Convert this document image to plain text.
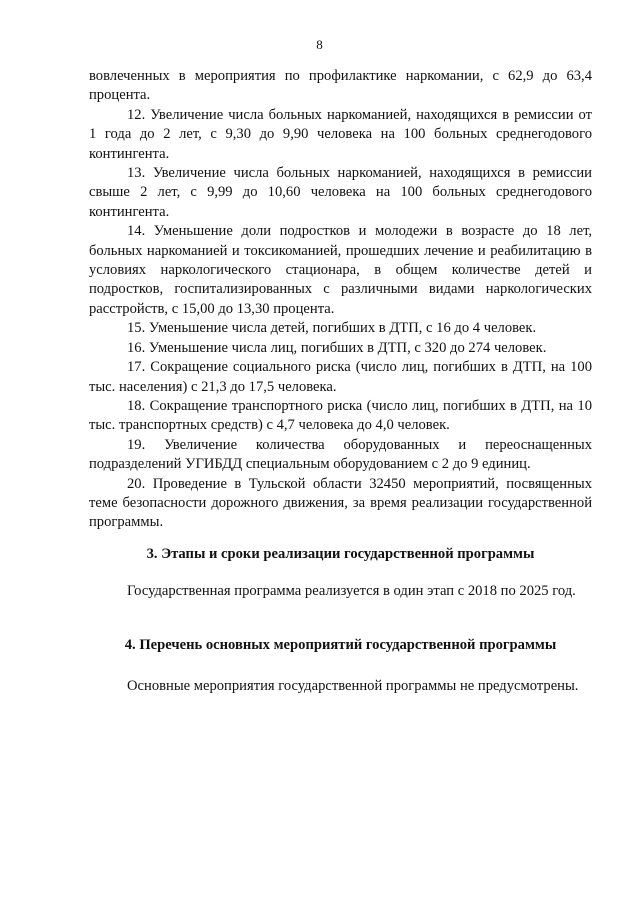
8

вовлеченных в мероприятия по профилактике наркомании, с 62,9 до 63,4 процента.

12. Увеличение числа больных наркоманией, находящихся в ремиссии от 1 года до 2 лет, с 9,30 до 9,90 человека на 100 больных среднегодового контингента.

13. Увеличение числа больных наркоманией, находящихся в ремиссии свыше 2 лет, с 9,99 до 10,60 человека на 100 больных среднегодового контингента.

14. Уменьшение доли подростков и молодежи в возрасте до 18 лет, больных наркоманией и токсикоманией, прошедших лечение и реабилитацию в условиях наркологического стационара, в общем количестве детей и подростков, госпитализированных с различными видами наркологических расстройств, с 15,00 до 13,30 процента.

15. Уменьшение числа детей, погибших в ДТП, с 16 до 4 человек.

16. Уменьшение числа лиц, погибших в ДТП, с 320 до 274 человек.

17. Сокращение социального риска (число лиц, погибших в ДТП, на 100 тыс. населения) с 21,3 до 17,5 человека.

18. Сокращение транспортного риска (число лиц, погибших в ДТП, на 10 тыс. транспортных средств) с 4,7 человека до 4,0 человек.

19. Увеличение количества оборудованных и переоснащенных подразделений УГИБДД специальным оборудованием с 2 до 9 единиц.

20. Проведение в Тульской области 32450 мероприятий, посвященных теме безопасности дорожного движения, за время реализации государственной программы.

3. Этапы и сроки реализации государственной программы
Государственная программа реализуется в один этап с 2018 по 2025 год.
4. Перечень основных мероприятий государственной программы
Основные мероприятия государственной программы не предусмотрены.
